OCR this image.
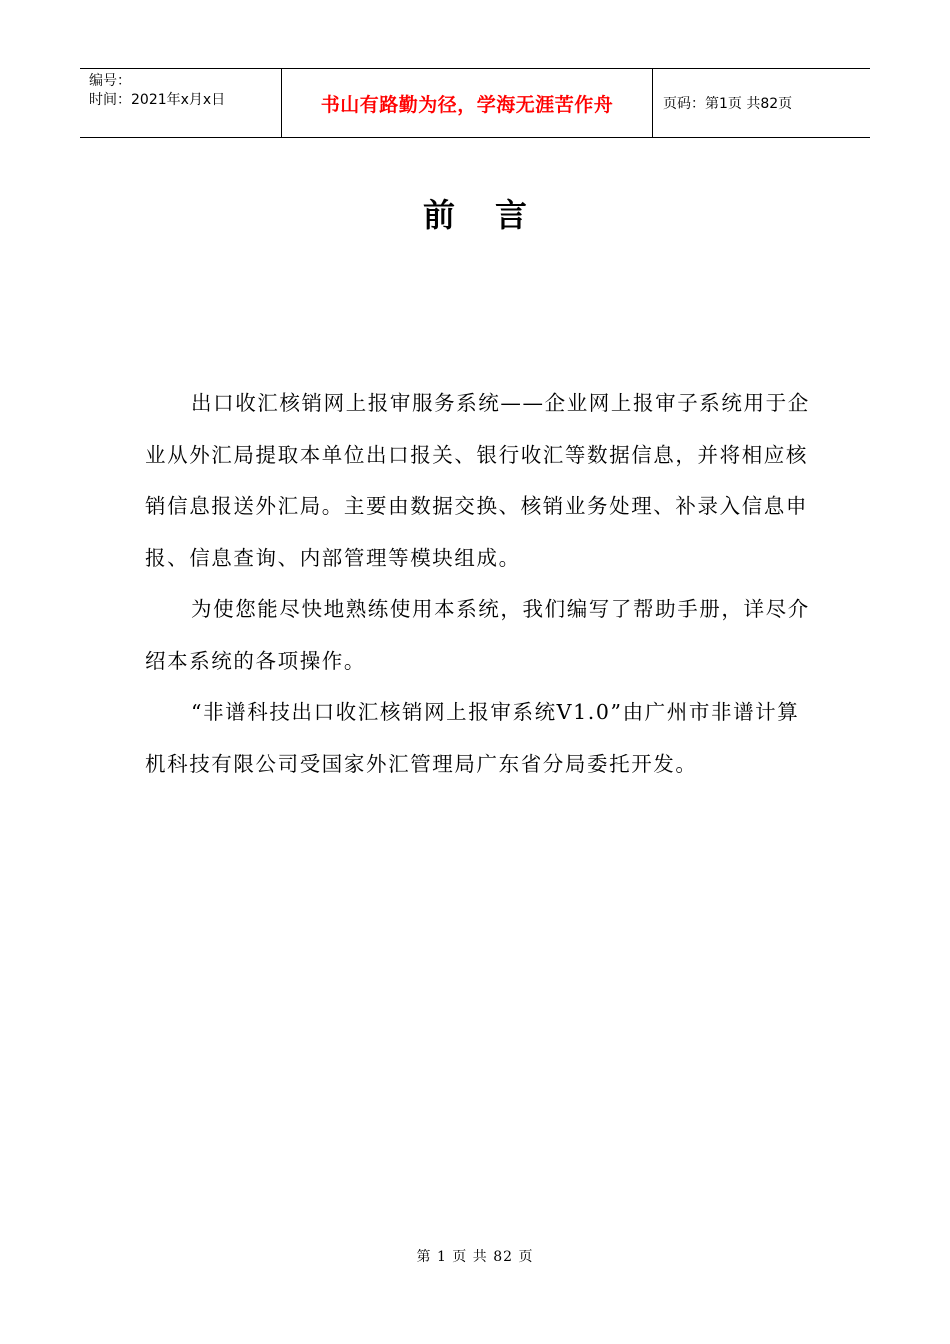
编号：
时间：2021年x月x日	书山有路勤为径，学海无涯苦作舟	页码：第1页 共82页
前言

出口收汇核销网上报审服务系统——企业网上报审子系统用于企业从外汇局提取本单位出口报关、银行收汇等数据信息，并将相应核销信息报送外汇局。主要由数据交换、核销业务处理、补录入信息申报、信息查询、内部管理等模块组成。

为使您能尽快地熟练使用本系统，我们编写了帮助手册，详尽介绍本系统的各项操作。

“非谱科技出口收汇核销网上报审系统V1.0”由广州市非谱计算机科技有限公司受国家外汇管理局广东省分局委托开发。

第 1 页 共 82 页
